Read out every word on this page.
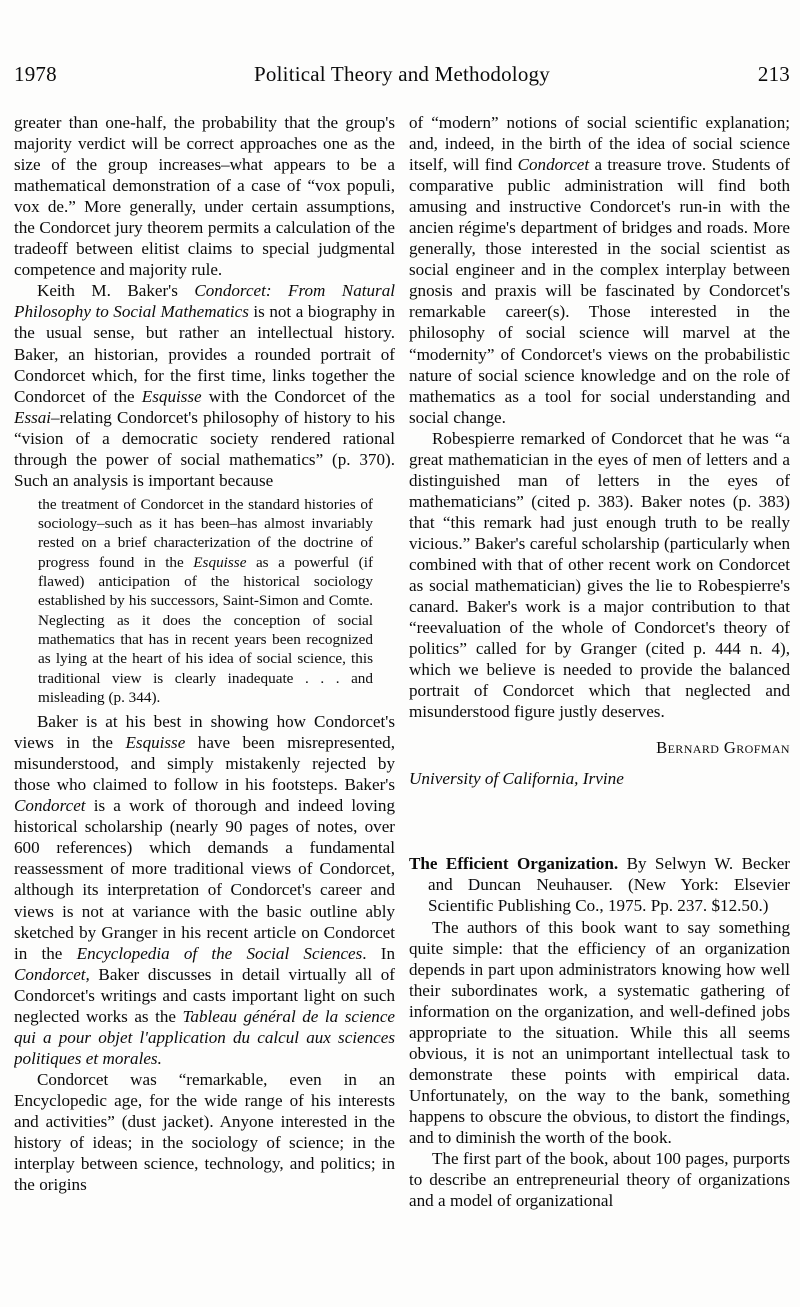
1978	Political Theory and Methodology	213

greater than one-half, the probability that the group's majority verdict will be correct approaches one as the size of the group increases–what appears to be a mathematical demonstration of a case of “vox populi, vox de.” More generally, under certain assumptions, the Condorcet jury theorem permits a calculation of the tradeoff between elitist claims to special judgmental competence and majority rule.

Keith M. Baker's Condorcet: From Natural Philosophy to Social Mathematics is not a biography in the usual sense, but rather an intellectual history. Baker, an historian, provides a rounded portrait of Condorcet which, for the first time, links together the Condorcet of the Esquisse with the Condorcet of the Essai–relating Condorcet's philosophy of history to his “vision of a democratic society rendered rational through the power of social mathematics” (p. 370). Such an analysis is important because

the treatment of Condorcet in the standard histories of sociology–such as it has been–has almost invariably rested on a brief characterization of the doctrine of progress found in the Esquisse as a powerful (if flawed) anticipation of the historical sociology established by his successors, Saint-Simon and Comte. Neglecting as it does the conception of social mathematics that has in recent years been recognized as lying at the heart of his idea of social science, this traditional view is clearly inadequate . . . and misleading (p. 344).

Baker is at his best in showing how Condorcet's views in the Esquisse have been misrepresented, misunderstood, and simply mistakenly rejected by those who claimed to follow in his footsteps. Baker's Condorcet is a work of thorough and indeed loving historical scholarship (nearly 90 pages of notes, over 600 references) which demands a fundamental reassessment of more traditional views of Condorcet, although its interpretation of Condorcet's career and views is not at variance with the basic outline ably sketched by Granger in his recent article on Condorcet in the Encyclopedia of the Social Sciences. In Condorcet, Baker discusses in detail virtually all of Condorcet's writings and casts important light on such neglected works as the Tableau général de la science qui a pour objet l'application du calcul aux sciences politiques et morales.

Condorcet was “remarkable, even in an Encyclopedic age, for the wide range of his interests and activities” (dust jacket). Anyone interested in the history of ideas; in the sociology of science; in the interplay between science, technology, and politics; in the origins

of “modern” notions of social scientific explanation; and, indeed, in the birth of the idea of social science itself, will find Condorcet a treasure trove. Students of comparative public administration will find both amusing and instructive Condorcet's run-in with the ancien régime's department of bridges and roads. More generally, those interested in the social scientist as social engineer and in the complex interplay between gnosis and praxis will be fascinated by Condorcet's remarkable career(s). Those interested in the philosophy of social science will marvel at the “modernity” of Condorcet's views on the probabilistic nature of social science knowledge and on the role of mathematics as a tool for social understanding and social change.

Robespierre remarked of Condorcet that he was “a great mathematician in the eyes of men of letters and a distinguished man of letters in the eyes of mathematicians” (cited p. 383). Baker notes (p. 383) that “this remark had just enough truth to be really vicious.” Baker's careful scholarship (particularly when combined with that of other recent work on Condorcet as social mathematician) gives the lie to Robespierre's canard. Baker's work is a major contribution to that “reevaluation of the whole of Condorcet's theory of politics” called for by Granger (cited p. 444 n. 4), which we believe is needed to provide the balanced portrait of Condorcet which that neglected and misunderstood figure justly deserves.

Bernard Grofman

University of California, Irvine

The Efficient Organization. By Selwyn W. Becker and Duncan Neuhauser. (New York: Elsevier Scientific Publishing Co., 1975. Pp. 237. $12.50.)

The authors of this book want to say something quite simple: that the efficiency of an organization depends in part upon administrators knowing how well their subordinates work, a systematic gathering of information on the organization, and well-defined jobs appropriate to the situation. While this all seems obvious, it is not an unimportant intellectual task to demonstrate these points with empirical data. Unfortunately, on the way to the bank, something happens to obscure the obvious, to distort the findings, and to diminish the worth of the book.

The first part of the book, about 100 pages, purports to describe an entrepreneurial theory of organizations and a model of organizational
